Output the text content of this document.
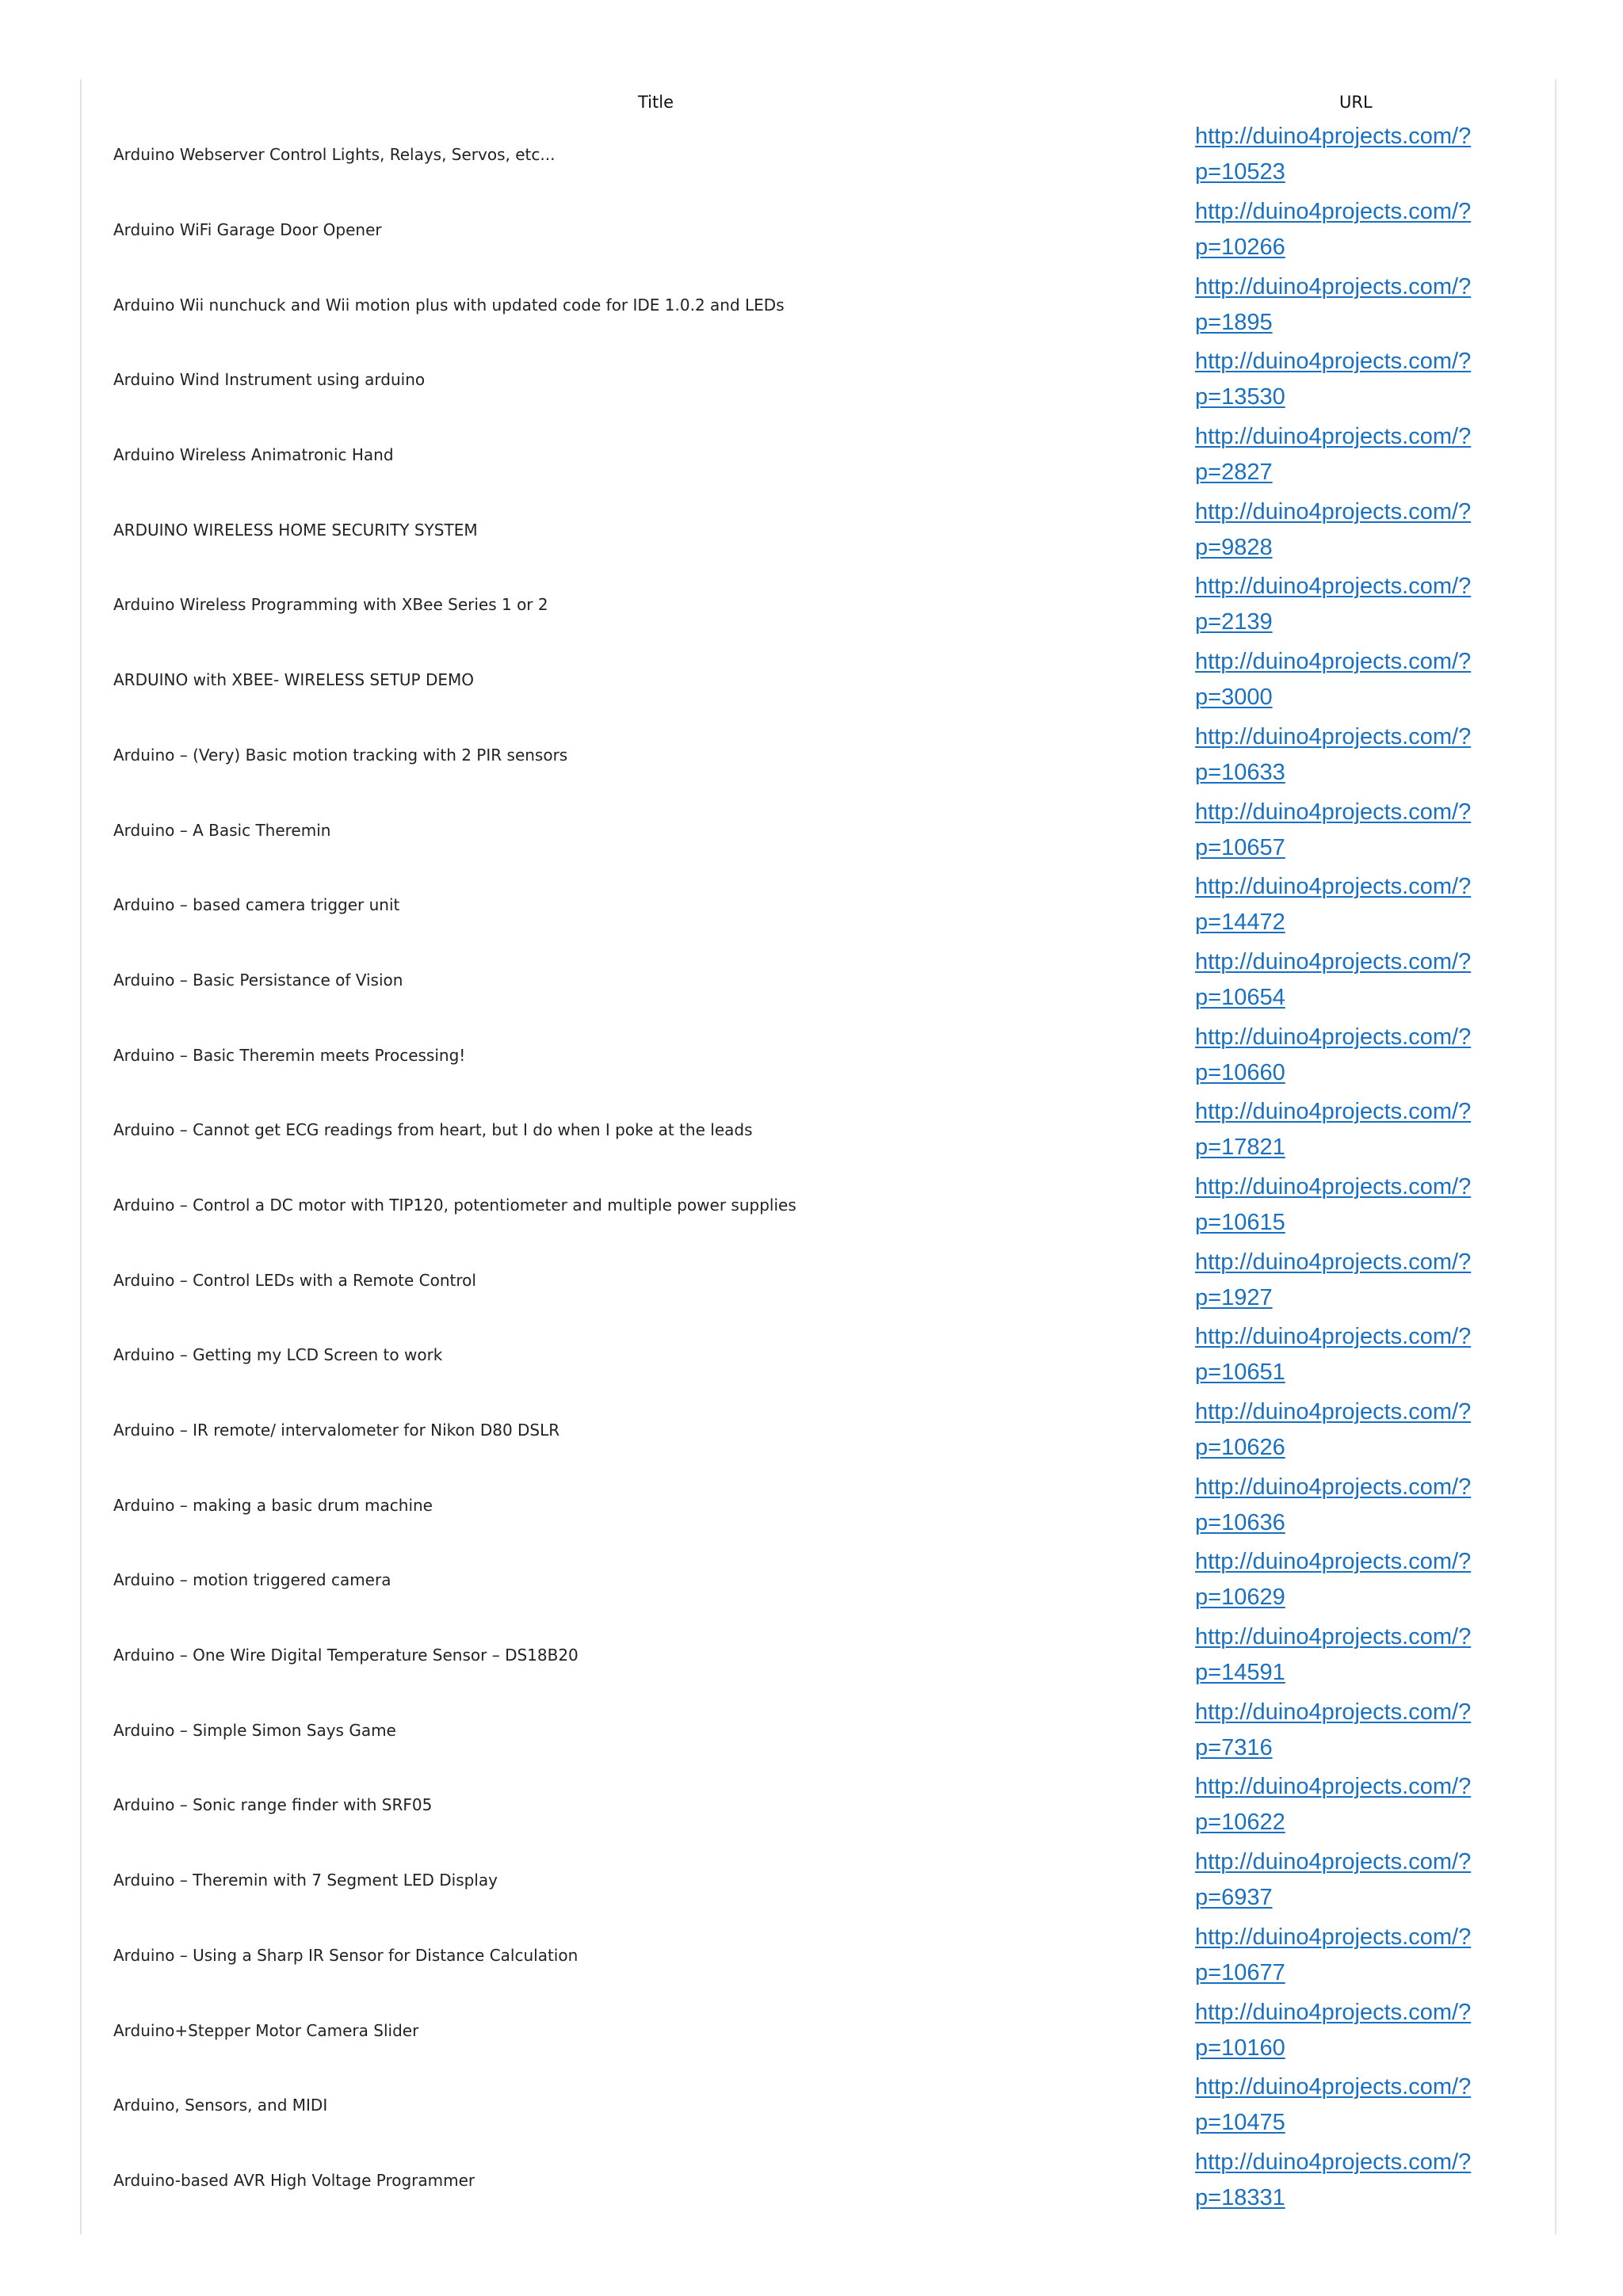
Title	URL
Arduino Webserver Control Lights, Relays, Servos, etc...
http://duino4projects.com/?
p=10523
Arduino WiFi Garage Door Opener
http://duino4projects.com/?
p=10266
Arduino Wii nunchuck and Wii motion plus with updated code for IDE 1.0.2 and LEDs
http://duino4projects.com/?
p=1895
Arduino Wind Instrument using arduino
http://duino4projects.com/?
p=13530
Arduino Wireless Animatronic Hand
http://duino4projects.com/?
p=2827
ARDUINO WIRELESS HOME SECURITY SYSTEM
http://duino4projects.com/?
p=9828
Arduino Wireless Programming with XBee Series 1 or 2
http://duino4projects.com/?
p=2139
ARDUINO with XBEE- WIRELESS SETUP DEMO
http://duino4projects.com/?
p=3000
Arduino – (Very) Basic motion tracking with 2 PIR sensors
http://duino4projects.com/?
p=10633
Arduino – A Basic Theremin
http://duino4projects.com/?
p=10657
Arduino – based camera trigger unit
http://duino4projects.com/?
p=14472
Arduino – Basic Persistance of Vision
http://duino4projects.com/?
p=10654
Arduino – Basic Theremin meets Processing!
http://duino4projects.com/?
p=10660
Arduino – Cannot get ECG readings from heart, but I do when I poke at the leads
http://duino4projects.com/?
p=17821
Arduino – Control a DC motor with TIP120, potentiometer and multiple power supplies
http://duino4projects.com/?
p=10615
Arduino – Control LEDs with a Remote Control
http://duino4projects.com/?
p=1927
Arduino – Getting my LCD Screen to work
http://duino4projects.com/?
p=10651
Arduino – IR remote/ intervalometer for Nikon D80 DSLR
http://duino4projects.com/?
p=10626
Arduino – making a basic drum machine
http://duino4projects.com/?
p=10636
Arduino – motion triggered camera
http://duino4projects.com/?
p=10629
Arduino – One Wire Digital Temperature Sensor – DS18B20
http://duino4projects.com/?
p=14591
Arduino – Simple Simon Says Game
http://duino4projects.com/?
p=7316
Arduino – Sonic range finder with SRF05
http://duino4projects.com/?
p=10622
Arduino – Theremin with 7 Segment LED Display
http://duino4projects.com/?
p=6937
Arduino – Using a Sharp IR Sensor for Distance Calculation
http://duino4projects.com/?
p=10677
Arduino+Stepper Motor Camera Slider
http://duino4projects.com/?
p=10160
Arduino, Sensors, and MIDI
http://duino4projects.com/?
p=10475
Arduino-based AVR High Voltage Programmer
http://duino4projects.com/?
p=18331
